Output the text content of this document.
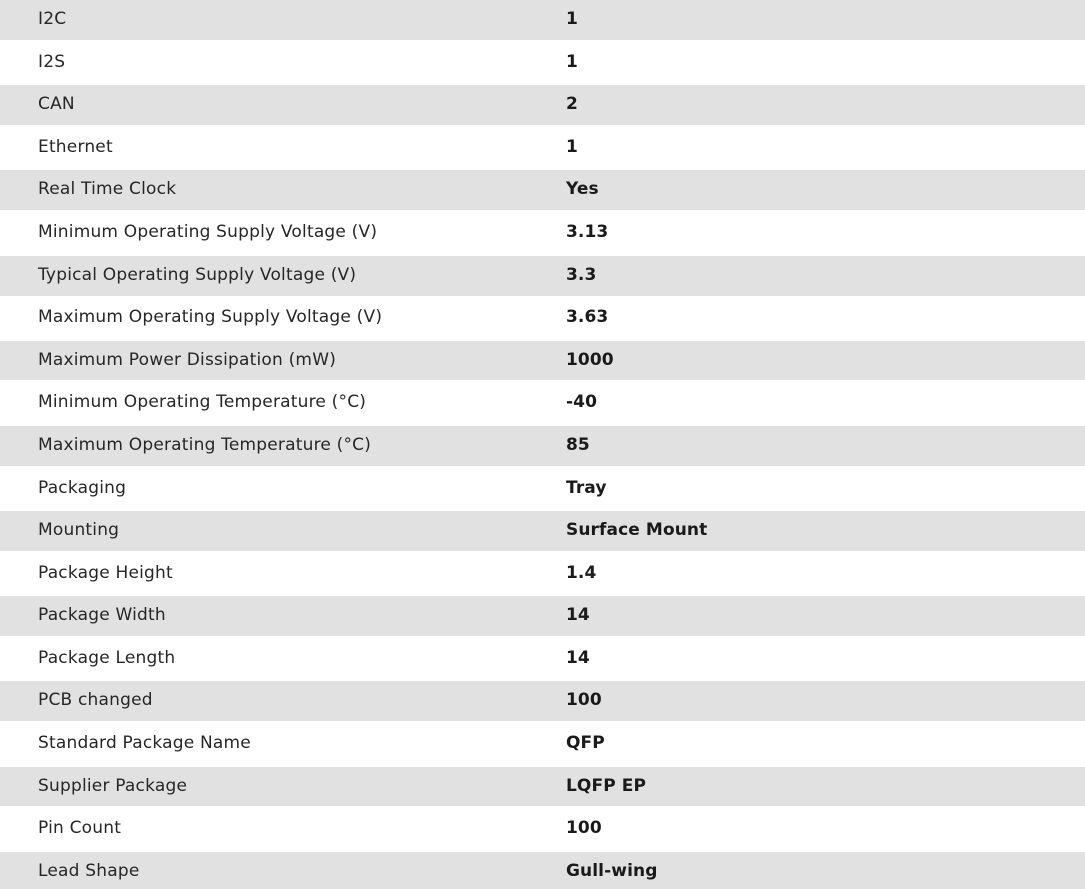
I2C	1
I2S	1
CAN	2
Ethernet	1
Real Time Clock	Yes
Minimum Operating Supply Voltage (V)	3.13
Typical Operating Supply Voltage (V)	3.3
Maximum Operating Supply Voltage (V)	3.63
Maximum Power Dissipation (mW)	1000
Minimum Operating Temperature (°C)	-40
Maximum Operating Temperature (°C)	85
Packaging	Tray
Mounting	Surface Mount
Package Height	1.4
Package Width	14
Package Length	14
PCB changed	100
Standard Package Name	QFP
Supplier Package	LQFP EP
Pin Count	100
Lead Shape	Gull-wing
